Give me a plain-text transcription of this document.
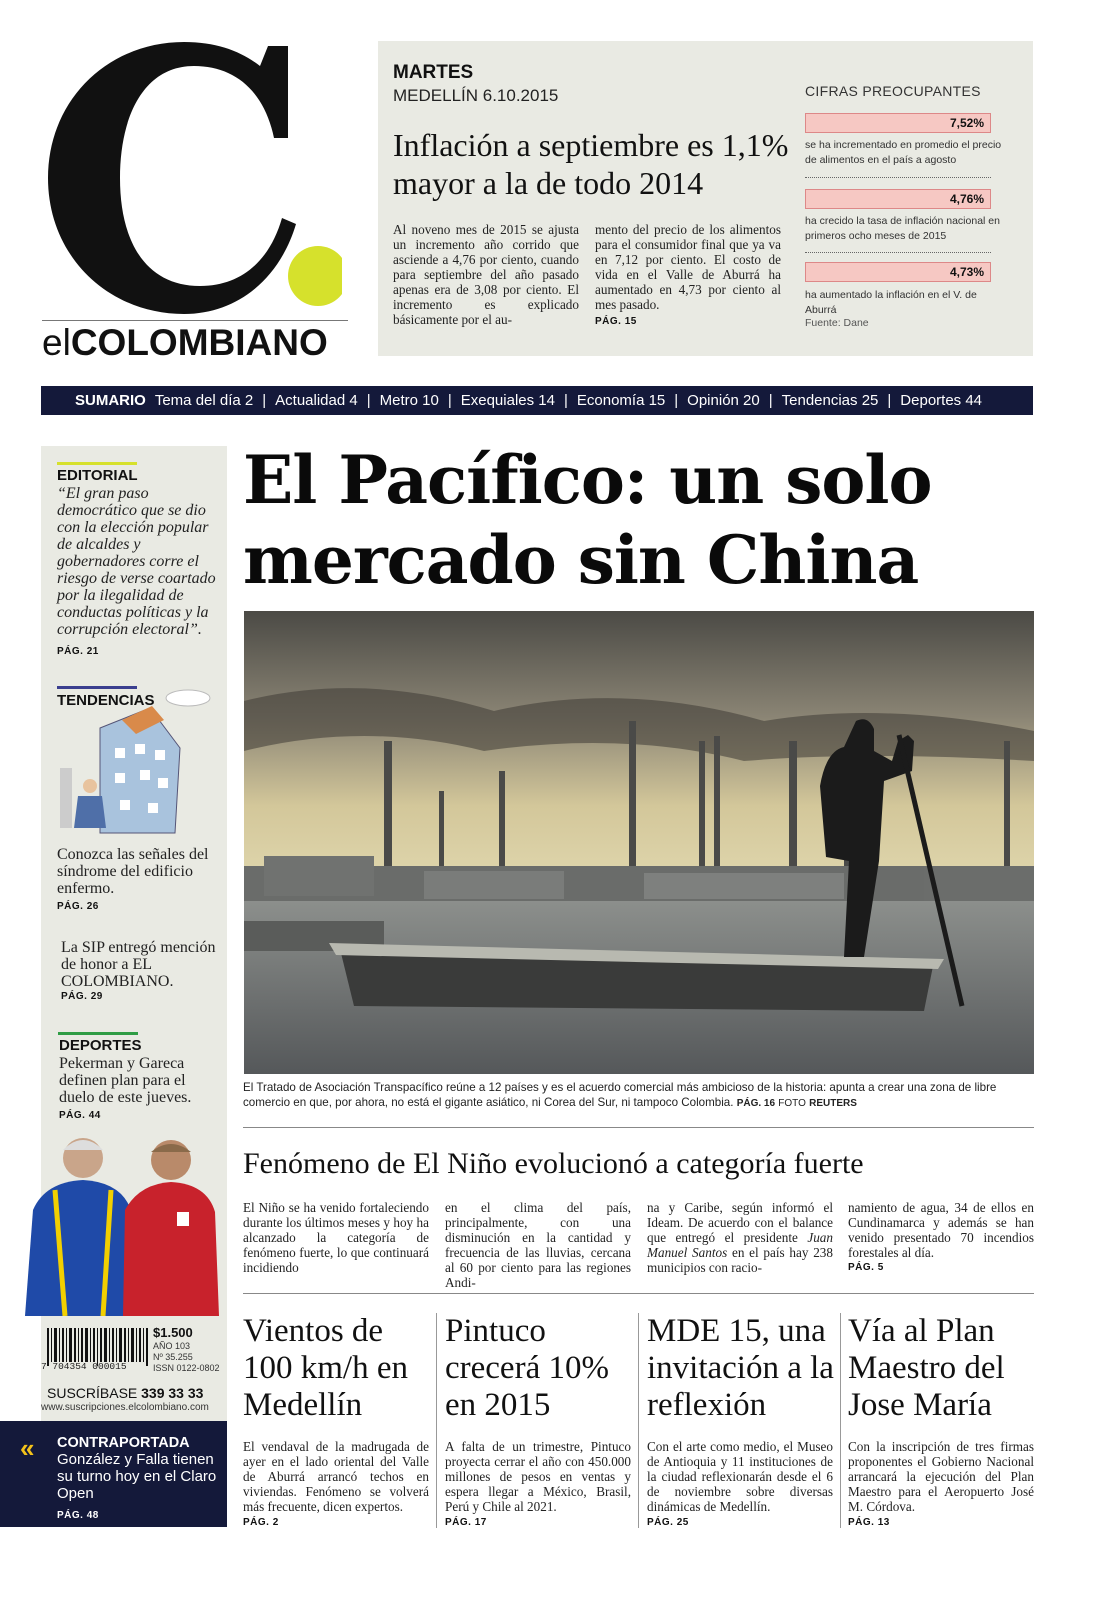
elCOLOMBIANO
MARTES
MEDELLÍN 6.10.2015
Inflación a septiembre es 1,1% mayor a la de todo 2014
Al noveno mes de 2015 se ajusta un incremento año corrido que asciende a 4,76 por ciento, cuando para septiembre del año pasado apenas era de 3,08 por ciento. El incremento es explicado básicamente por el au-
mento del precio de los alimentos para el consumidor final que ya va en 7,12 por ciento. El costo de vida en el Valle de Aburrá ha aumentado en 4,73 por ciento al mes pasado.
PÁG. 15
CIFRAS PREOCUPANTES
7,52%
se ha incrementado en promedio el precio de alimentos en el país a agosto
4,76%
ha crecido la tasa de inflación nacional en primeros ocho meses de 2015
4,73%
ha aumentado la inflación en el V. de Aburrá
Fuente: Dane
SUMARIO Tema del día 2 | Actualidad 4 | Metro 10 | Exequiales 14 | Economía 15 | Opinión 20 | Tendencias 25 | Deportes 44
EDITORIAL
“El gran paso democrático que se dio con la elección popular de alcaldes y gobernadores corre el riesgo de verse coartado por la ilegalidad de conductas políticas y la corrupción electoral”.
PÁG. 21
TENDENCIAS
Conozca las señales del síndrome del edificio enfermo.
PÁG. 26
La SIP entregó mención de honor a EL COLOMBIANO.
PÁG. 29
DEPORTES
Pekerman y Gareca definen plan para el duelo de este jueves.
PÁG. 44
7 704354 000015
$1.500
AÑO 103
Nº 35.255
ISSN 0122-0802
SUSCRÍBASE 339 33 33
www.suscripciones.elcolombiano.com
« CONTRAPORTADA
González y Falla tienen su turno hoy en el Claro Open
PÁG. 48
El Pacífico: un solo mercado sin China
El Tratado de Asociación Transpacífico reúne a 12 países y es el acuerdo comercial más ambicioso de la historia: apunta a crear una zona de libre comercio en que, por ahora, no está el gigante asiático, ni Corea del Sur, ni tampoco Colombia. PÁG. 16 FOTO REUTERS
Fenómeno de El Niño evolucionó a categoría fuerte
El Niño se ha venido fortaleciendo durante los últimos meses y hoy ha alcanzado la categoría de fenómeno fuerte, lo que continuará incidiendo
en el clima del país, principalmente, con una disminución en la cantidad y frecuencia de las lluvias, cercana al 60 por ciento para las regiones Andi-
na y Caribe, según informó el Ideam. De acuerdo con el balance que entregó el presidente Juan Manuel Santos en el país hay 238 municipios con racio-
namiento de agua, 34 de ellos en Cundinamarca y además se han venido presentado 70 incendios forestales al día.
PÁG. 5
Vientos de 100 km/h en Medellín
El vendaval de la madrugada de ayer en el lado oriental del Valle de Aburrá arrancó techos en viviendas. Fenómeno se volverá más frecuente, dicen expertos.
PÁG. 2
Pintuco crecerá 10% en 2015
A falta de un trimestre, Pintuco proyecta cerrar el año con 450.000 millones de pesos en ventas y espera llegar a México, Brasil, Perú y Chile al 2021.
PÁG. 17
MDE 15, una invitación a la reflexión
Con el arte como medio, el Museo de Antioquia y 11 instituciones de la ciudad reflexionarán desde el 6 de noviembre sobre diversas dinámicas de Medellín.
PÁG. 25
Vía al Plan Maestro del Jose María
Con la inscripción de tres firmas proponentes el Gobierno Nacional arrancará la ejecución del Plan Maestro para el Aeropuerto José M. Córdova.
PÁG. 13
